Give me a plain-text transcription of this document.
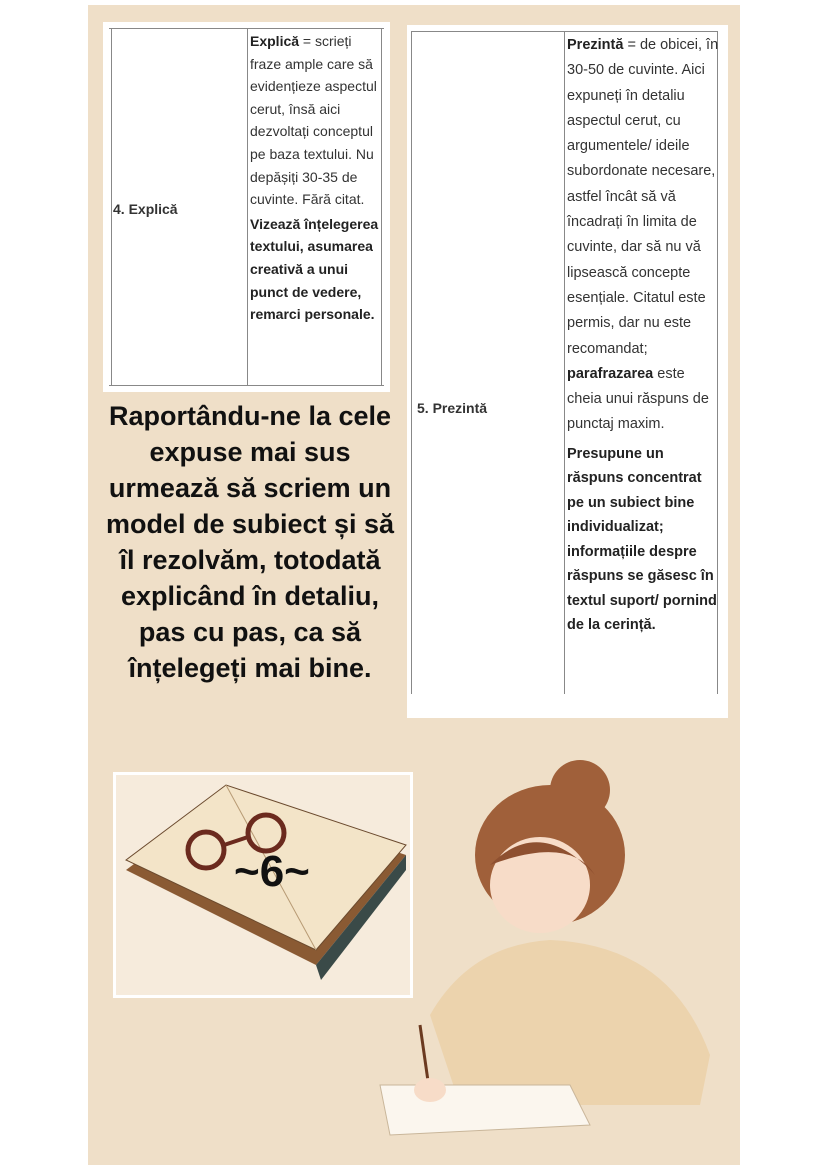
4. Explică
Explică = scrieți fraze ample care să evidențieze aspectul cerut, însă aici dezvoltați conceptul pe baza textului. Nu depășiți 30-35 de cuvinte. Fără citat.
Vizează înțelegerea textului, asumarea creativă a unui punct de vedere, remarci personale.
5. Prezintă
Prezintă = de obicei, în 30-50 de cuvinte. Aici expuneți în detaliu aspectul cerut, cu argumentele/ ideile subordonate necesare, astfel încât să vă încadrați în limita de cuvinte, dar să nu vă lipsească concepte esențiale. Citatul este permis, dar nu este recomandat; parafrazarea este cheia unui răspuns de punctaj maxim.
Presupune un răspuns concentrat pe un subiect bine individualizat; informațiile despre răspuns se găsesc în textul suport/ pornind de la cerință.
Raportându-ne la cele expuse mai sus urmează să scriem un model de subiect și să îl rezolvăm, totodată explicând în detaliu, pas cu pas, ca să înțelegeți mai bine.
~6~
